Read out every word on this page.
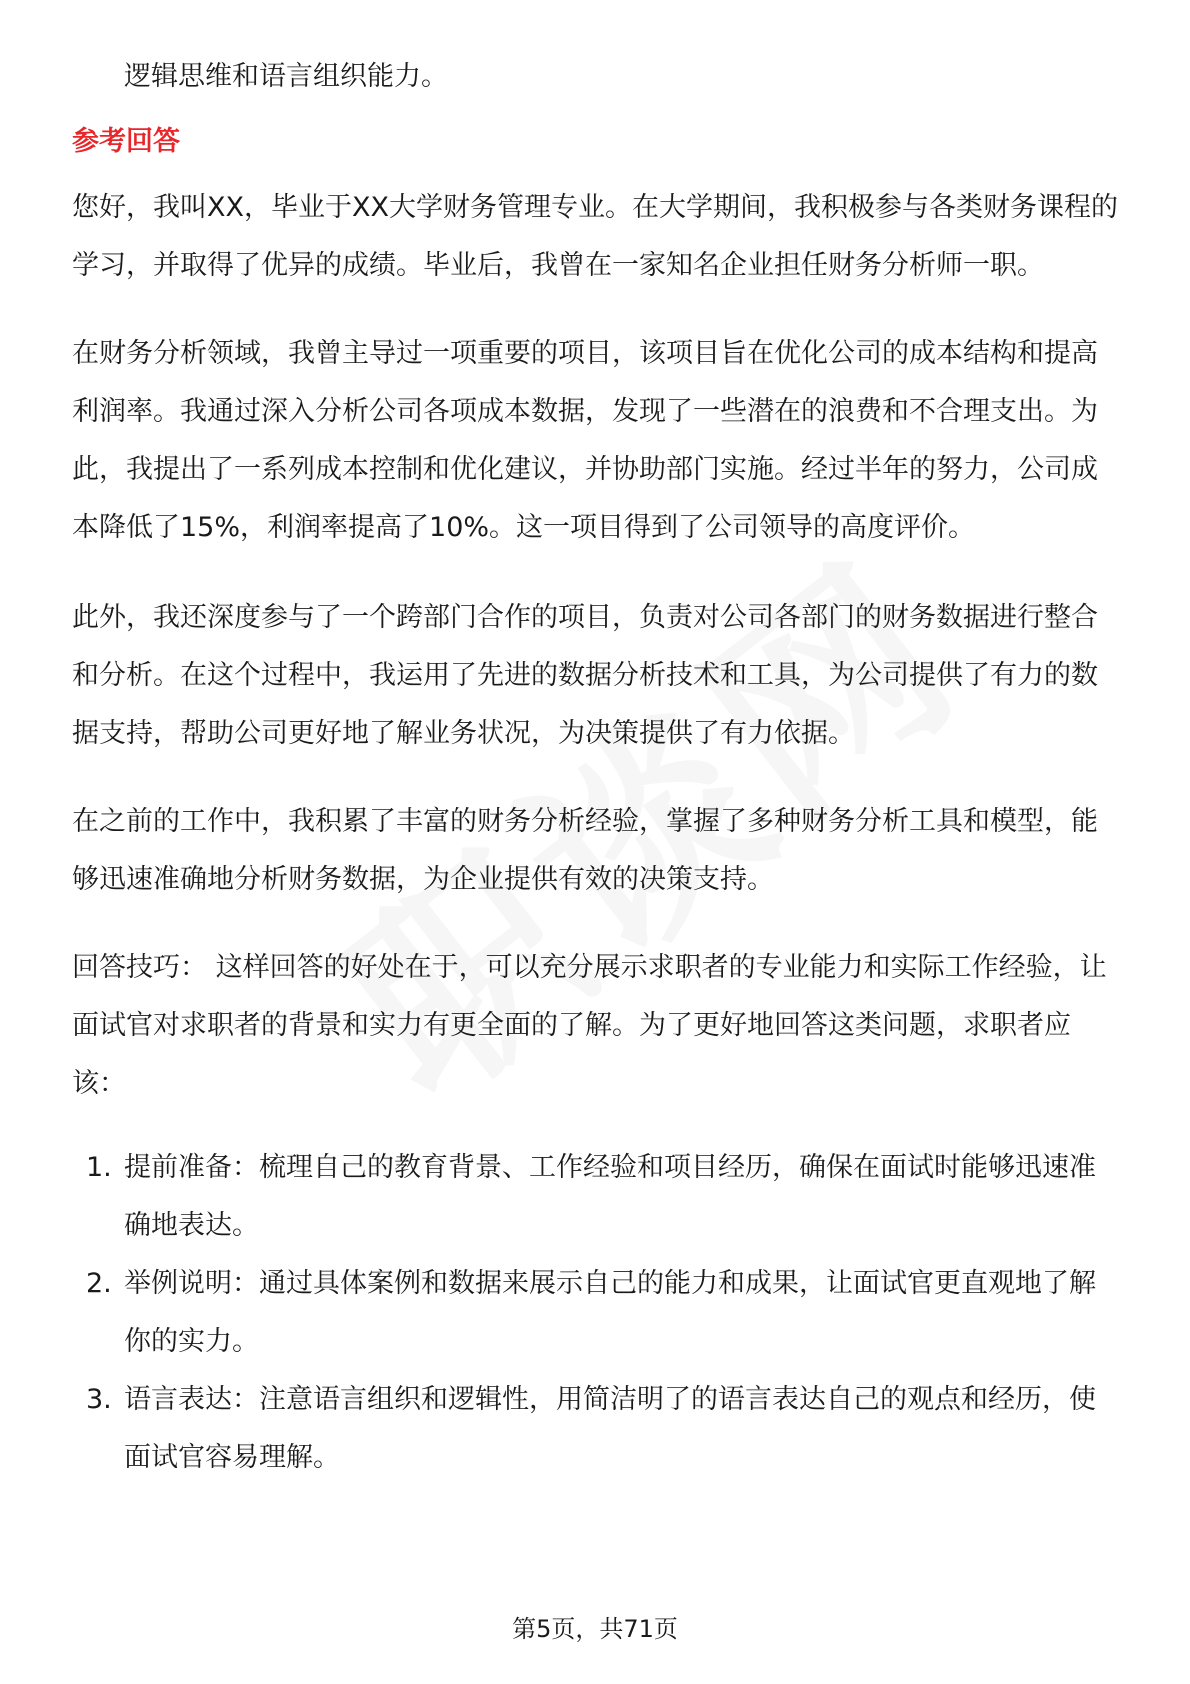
逻辑思维和语言组织能力。

参考回答

您好，我叫XX，毕业于XX大学财务管理专业。在大学期间，我积极参与各类财务课程的学习，并取得了优异的成绩。毕业后，我曾在一家知名企业担任财务分析师一职。

在财务分析领域，我曾主导过一项重要的项目，该项目旨在优化公司的成本结构和提高利润率。我通过深入分析公司各项成本数据，发现了一些潜在的浪费和不合理支出。为此，我提出了一系列成本控制和优化建议，并协助部门实施。经过半年的努力，公司成本降低了15%，利润率提高了10%。这一项目得到了公司领导的高度评价。

此外，我还深度参与了一个跨部门合作的项目，负责对公司各部门的财务数据进行整合和分析。在这个过程中，我运用了先进的数据分析技术和工具，为公司提供了有力的数据支持，帮助公司更好地了解业务状况，为决策提供了有力依据。

在之前的工作中，我积累了丰富的财务分析经验，掌握了多种财务分析工具和模型，能够迅速准确地分析财务数据，为企业提供有效的决策支持。

回答技巧： 这样回答的好处在于，可以充分展示求职者的专业能力和实际工作经验，让面试官对求职者的背景和实力有更全面的了解。为了更好地回答这类问题，求职者应该：

1. 提前准备：梳理自己的教育背景、工作经验和项目经历，确保在面试时能够迅速准确地表达。
2. 举例说明：通过具体案例和数据来展示自己的能力和成果，让面试官更直观地了解你的实力。
3. 语言表达：注意语言组织和逻辑性，用简洁明了的语言表达自己的观点和经历，使面试官容易理解。
第5页，共71页
